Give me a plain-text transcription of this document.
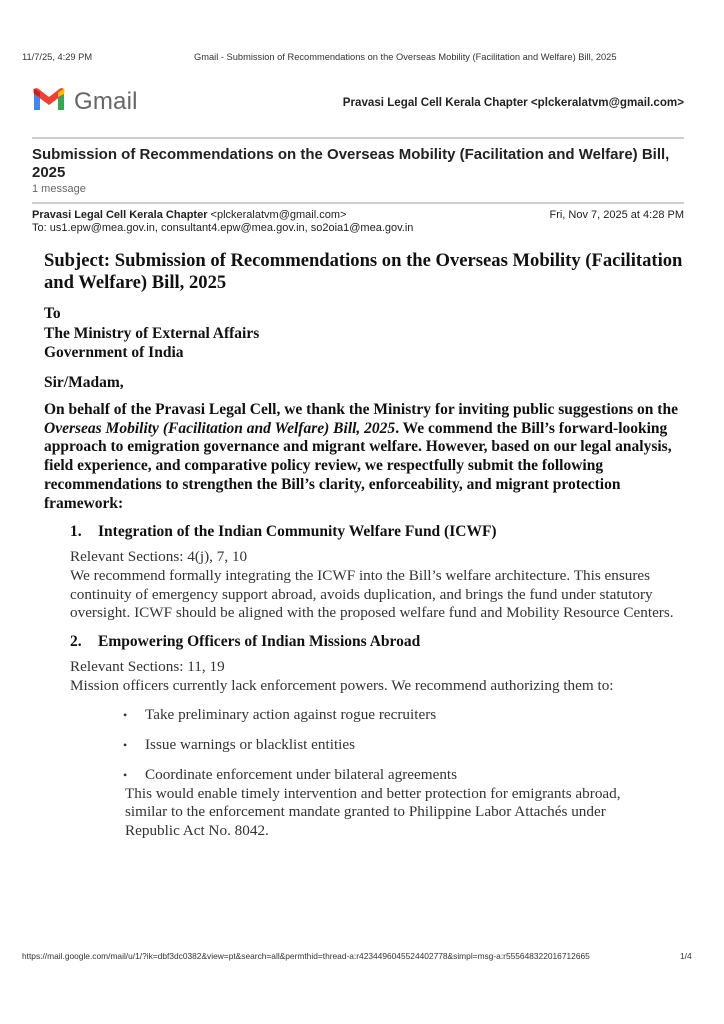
11/7/25, 4:29 PM	Gmail - Submission of Recommendations on the Overseas Mobility (Facilitation and Welfare) Bill, 2025
Gmail	Pravasi Legal Cell Kerala Chapter <plckeralatvm@gmail.com>
Submission of Recommendations on the Overseas Mobility (Facilitation and Welfare) Bill, 2025
1 message
Pravasi Legal Cell Kerala Chapter <plckeralatvm@gmail.com>	Fri, Nov 7, 2025 at 4:28 PM
To: us1.epw@mea.gov.in, consultant4.epw@mea.gov.in, so2oia1@mea.gov.in
Subject: Submission of Recommendations on the Overseas Mobility (Facilitation and Welfare) Bill, 2025
To
The Ministry of External Affairs
Government of India
Sir/Madam,
On behalf of the Pravasi Legal Cell, we thank the Ministry for inviting public suggestions on the Overseas Mobility (Facilitation and Welfare) Bill, 2025. We commend the Bill’s forward-looking approach to emigration governance and migrant welfare. However, based on our legal analysis, field experience, and comparative policy review, we respectfully submit the following recommendations to strengthen the Bill’s clarity, enforceability, and migrant protection framework:
1.	Integration of the Indian Community Welfare Fund (ICWF)
Relevant Sections: 4(j), 7, 10
We recommend formally integrating the ICWF into the Bill’s welfare architecture. This ensures continuity of emergency support abroad, avoids duplication, and brings the fund under statutory oversight. ICWF should be aligned with the proposed welfare fund and Mobility Resource Centers.
2.	Empowering Officers of Indian Missions Abroad
Relevant Sections: 11, 19
Mission officers currently lack enforcement powers. We recommend authorizing them to:
•	Take preliminary action against rogue recruiters
•	Issue warnings or blacklist entities
•	Coordinate enforcement under bilateral agreements
This would enable timely intervention and better protection for emigrants abroad, similar to the enforcement mandate granted to Philippine Labor Attachés under Republic Act No. 8042.
https://mail.google.com/mail/u/1/?ik=dbf3dc0382&view=pt&search=all&permthid=thread-a:r4234496045524402778&simpl=msg-a:r555648322016712665	1/4
